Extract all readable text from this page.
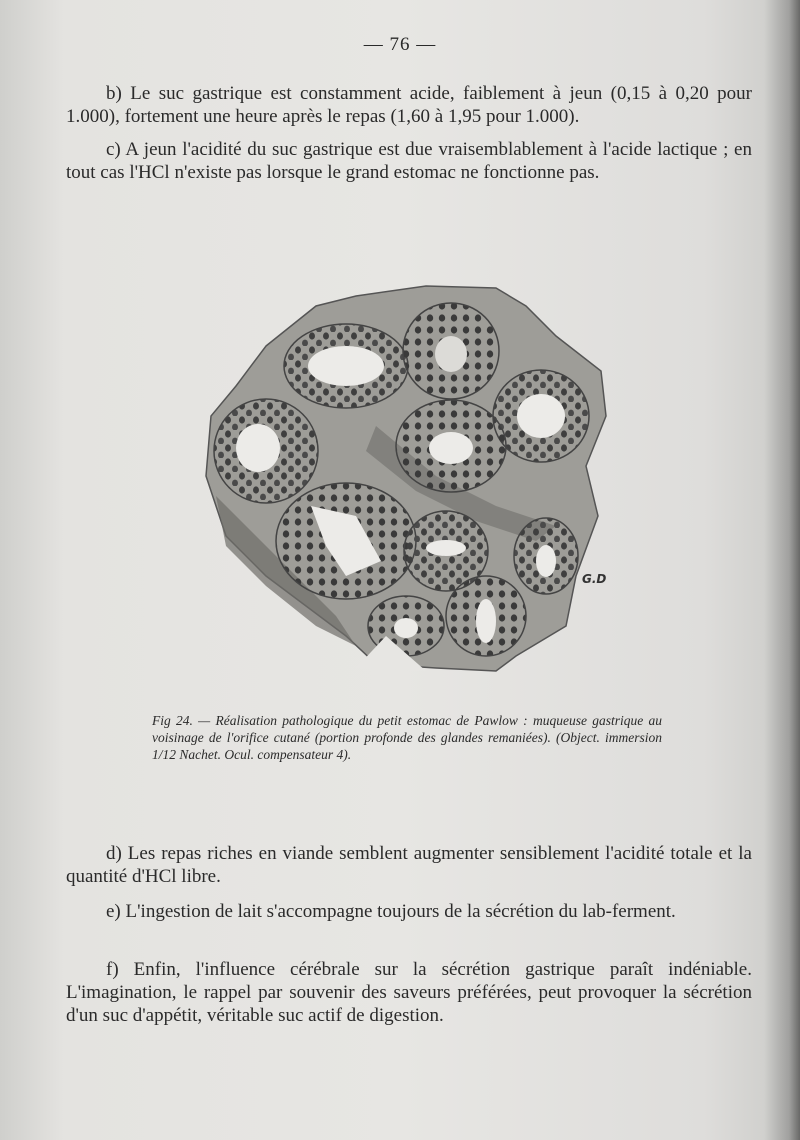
— 76 —

b) Le suc gastrique est constamment acide, faiblement à jeun (0,15 à 0,20 pour 1.000), fortement une heure après le repas (1,60 à 1,95 pour 1.000).

c) A jeun l'acidité du suc gastrique est due vraisemblablement à l'acide lactique ; en tout cas l'HCl n'existe pas lorsque le grand estomac ne fonctionne pas.

G.D

Fig 24. — Réalisation pathologique du petit estomac de Pawlow : muqueuse gastrique au voisinage de l'orifice cutané (portion profonde des glandes remaniées). (Object. immersion 1/12 Nachet. Ocul. compensateur 4).

d) Les repas riches en viande semblent augmenter sensiblement l'acidité totale et la quantité d'HCl libre.

e) L'ingestion de lait s'accompagne toujours de la sécrétion du lab-ferment.

f) Enfin, l'influence cérébrale sur la sécrétion gastrique paraît indéniable. L'imagination, le rappel par souvenir des saveurs préférées, peut provoquer la sécrétion d'un suc d'appétit, véritable suc actif de digestion.
